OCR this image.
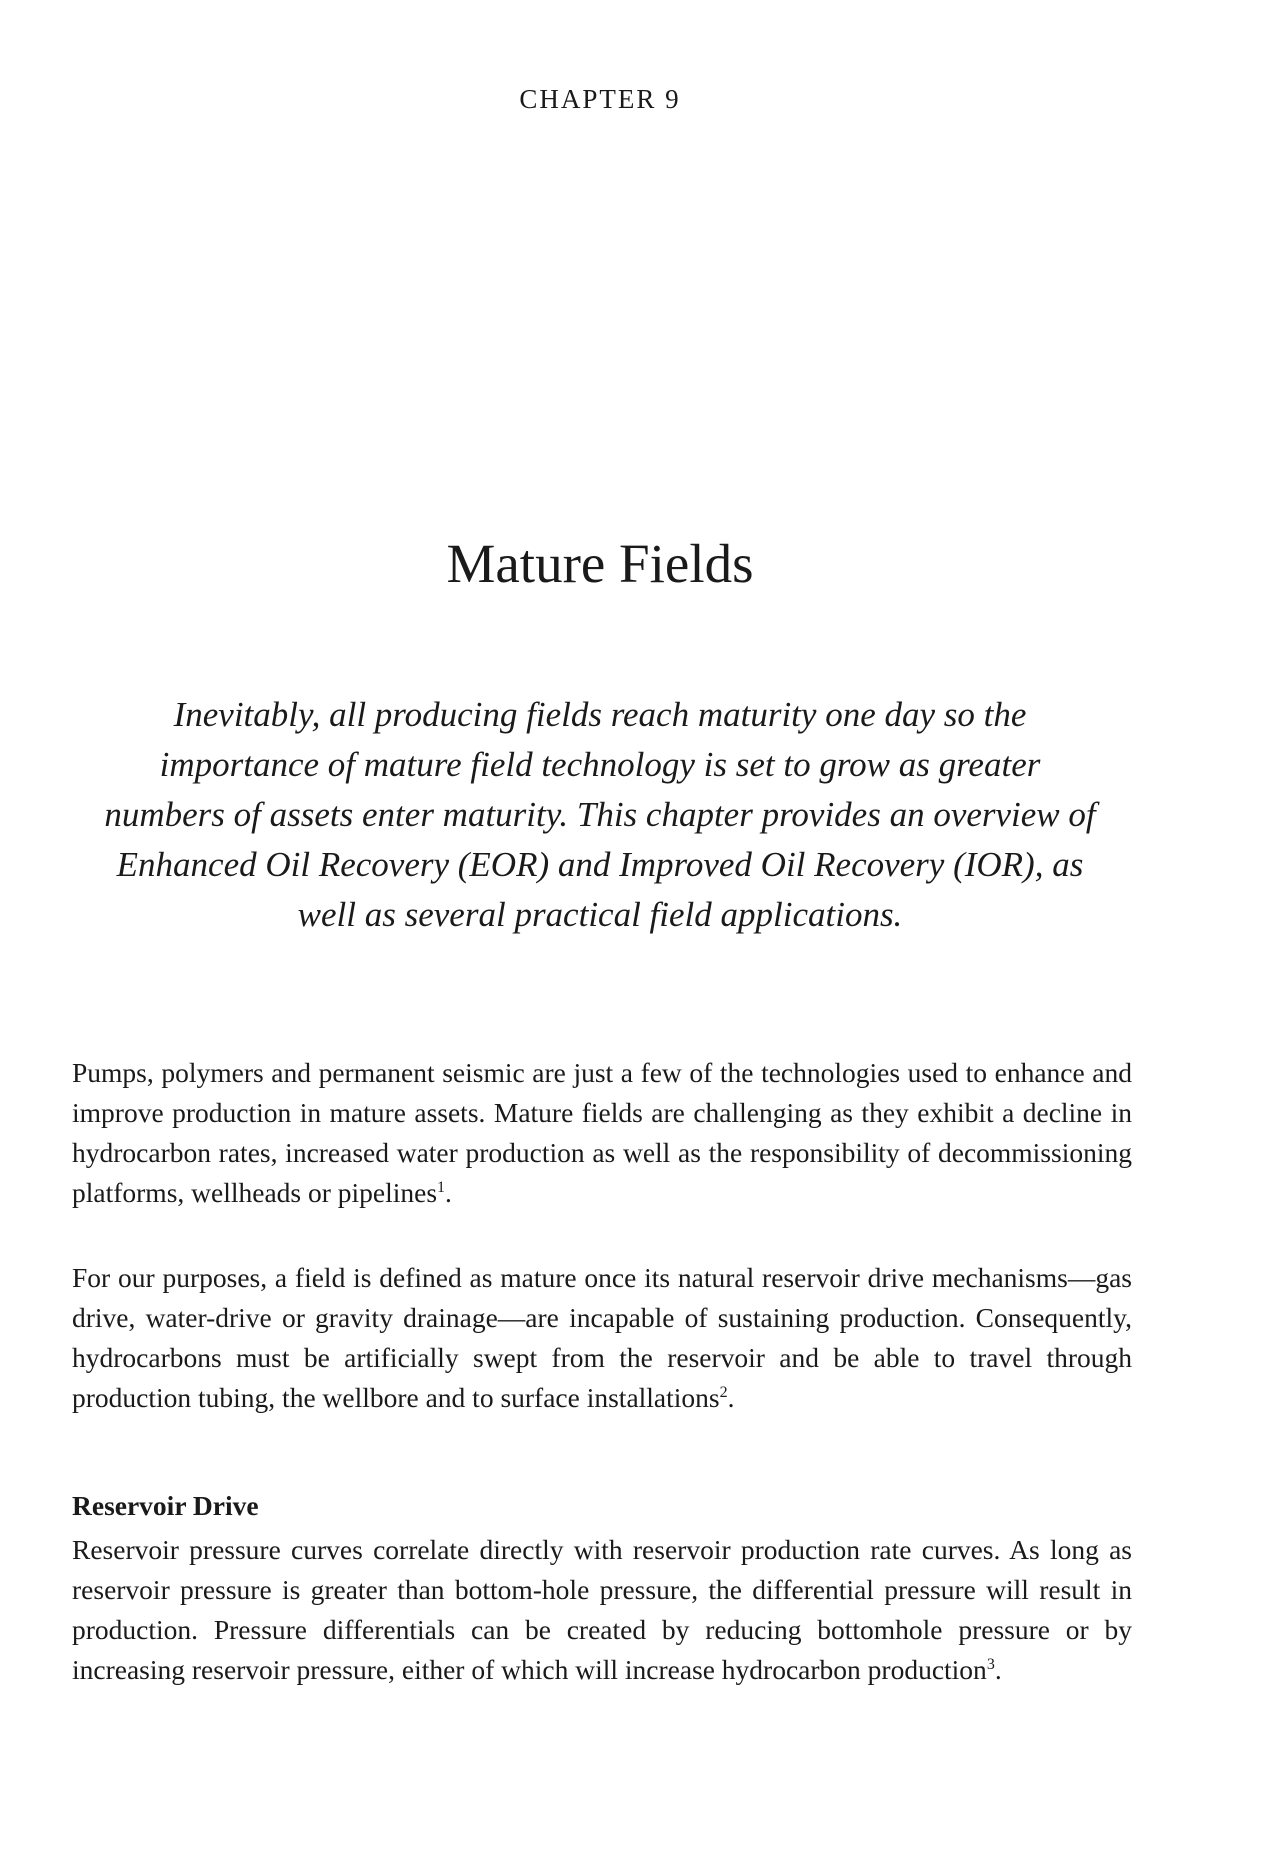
CHAPTER 9
Mature Fields

Inevitably, all producing fields reach maturity one day so the importance of mature field technology is set to grow as greater numbers of assets enter maturity. This chapter provides an overview of Enhanced Oil Recovery (EOR) and Improved Oil Recovery (IOR), as well as several practical field applications.

Pumps, polymers and permanent seismic are just a few of the technologies used to enhance and improve production in mature assets. Mature fields are challenging as they exhibit a decline in hydrocarbon rates, increased water production as well as the responsibility of decommissioning platforms, wellheads or pipelines$^1$.

For our purposes, a field is defined as mature once its natural reservoir drive mechanisms—gas drive, water-drive or gravity drainage—are incapable of sustaining production. Consequently, hydrocarbons must be artificially swept from the reservoir and be able to travel through production tubing, the wellbore and to surface installations$^2$.

Reservoir Drive

Reservoir pressure curves correlate directly with reservoir production rate curves. As long as reservoir pressure is greater than bottom-hole pressure, the differential pressure will result in production. Pressure differentials can be created by reducing bottomhole pressure or by increasing reservoir pressure, either of which will increase hydrocarbon production$^3$.
